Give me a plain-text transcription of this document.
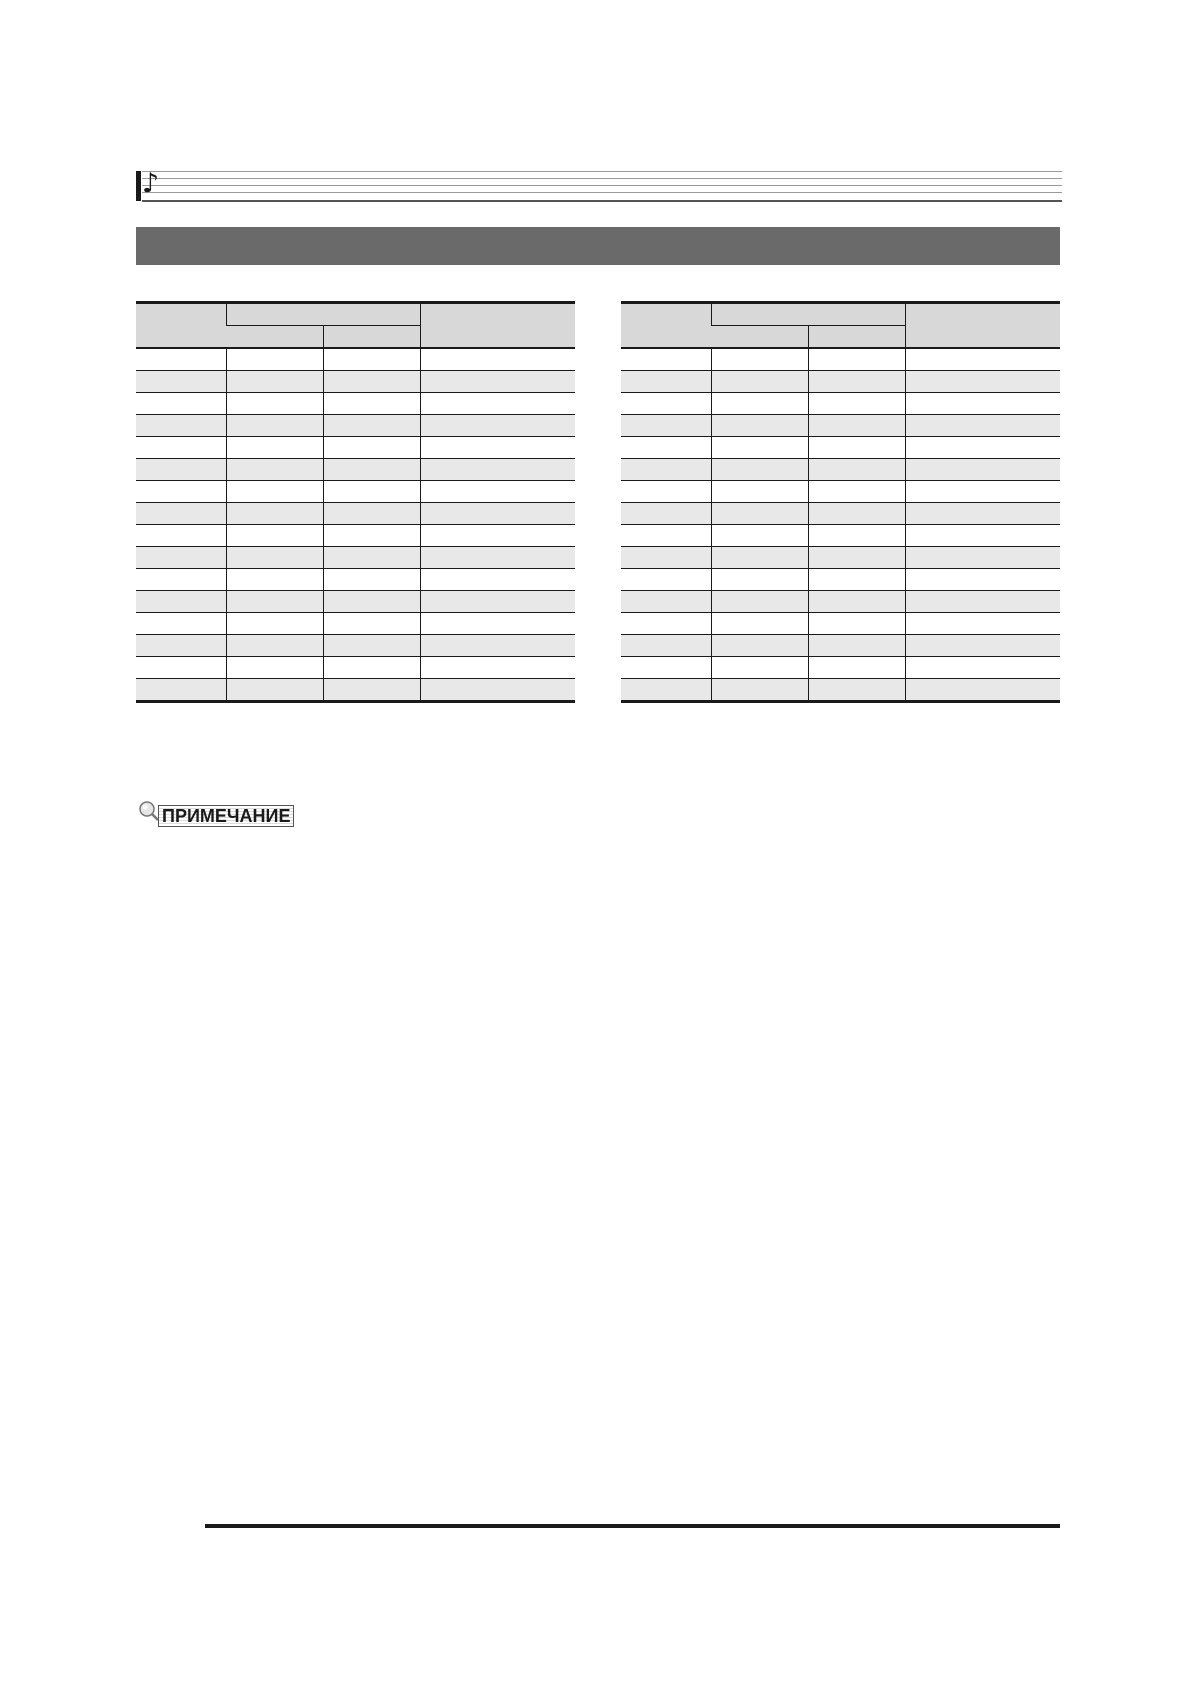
♪

ПРИМЕЧАНИЕ
